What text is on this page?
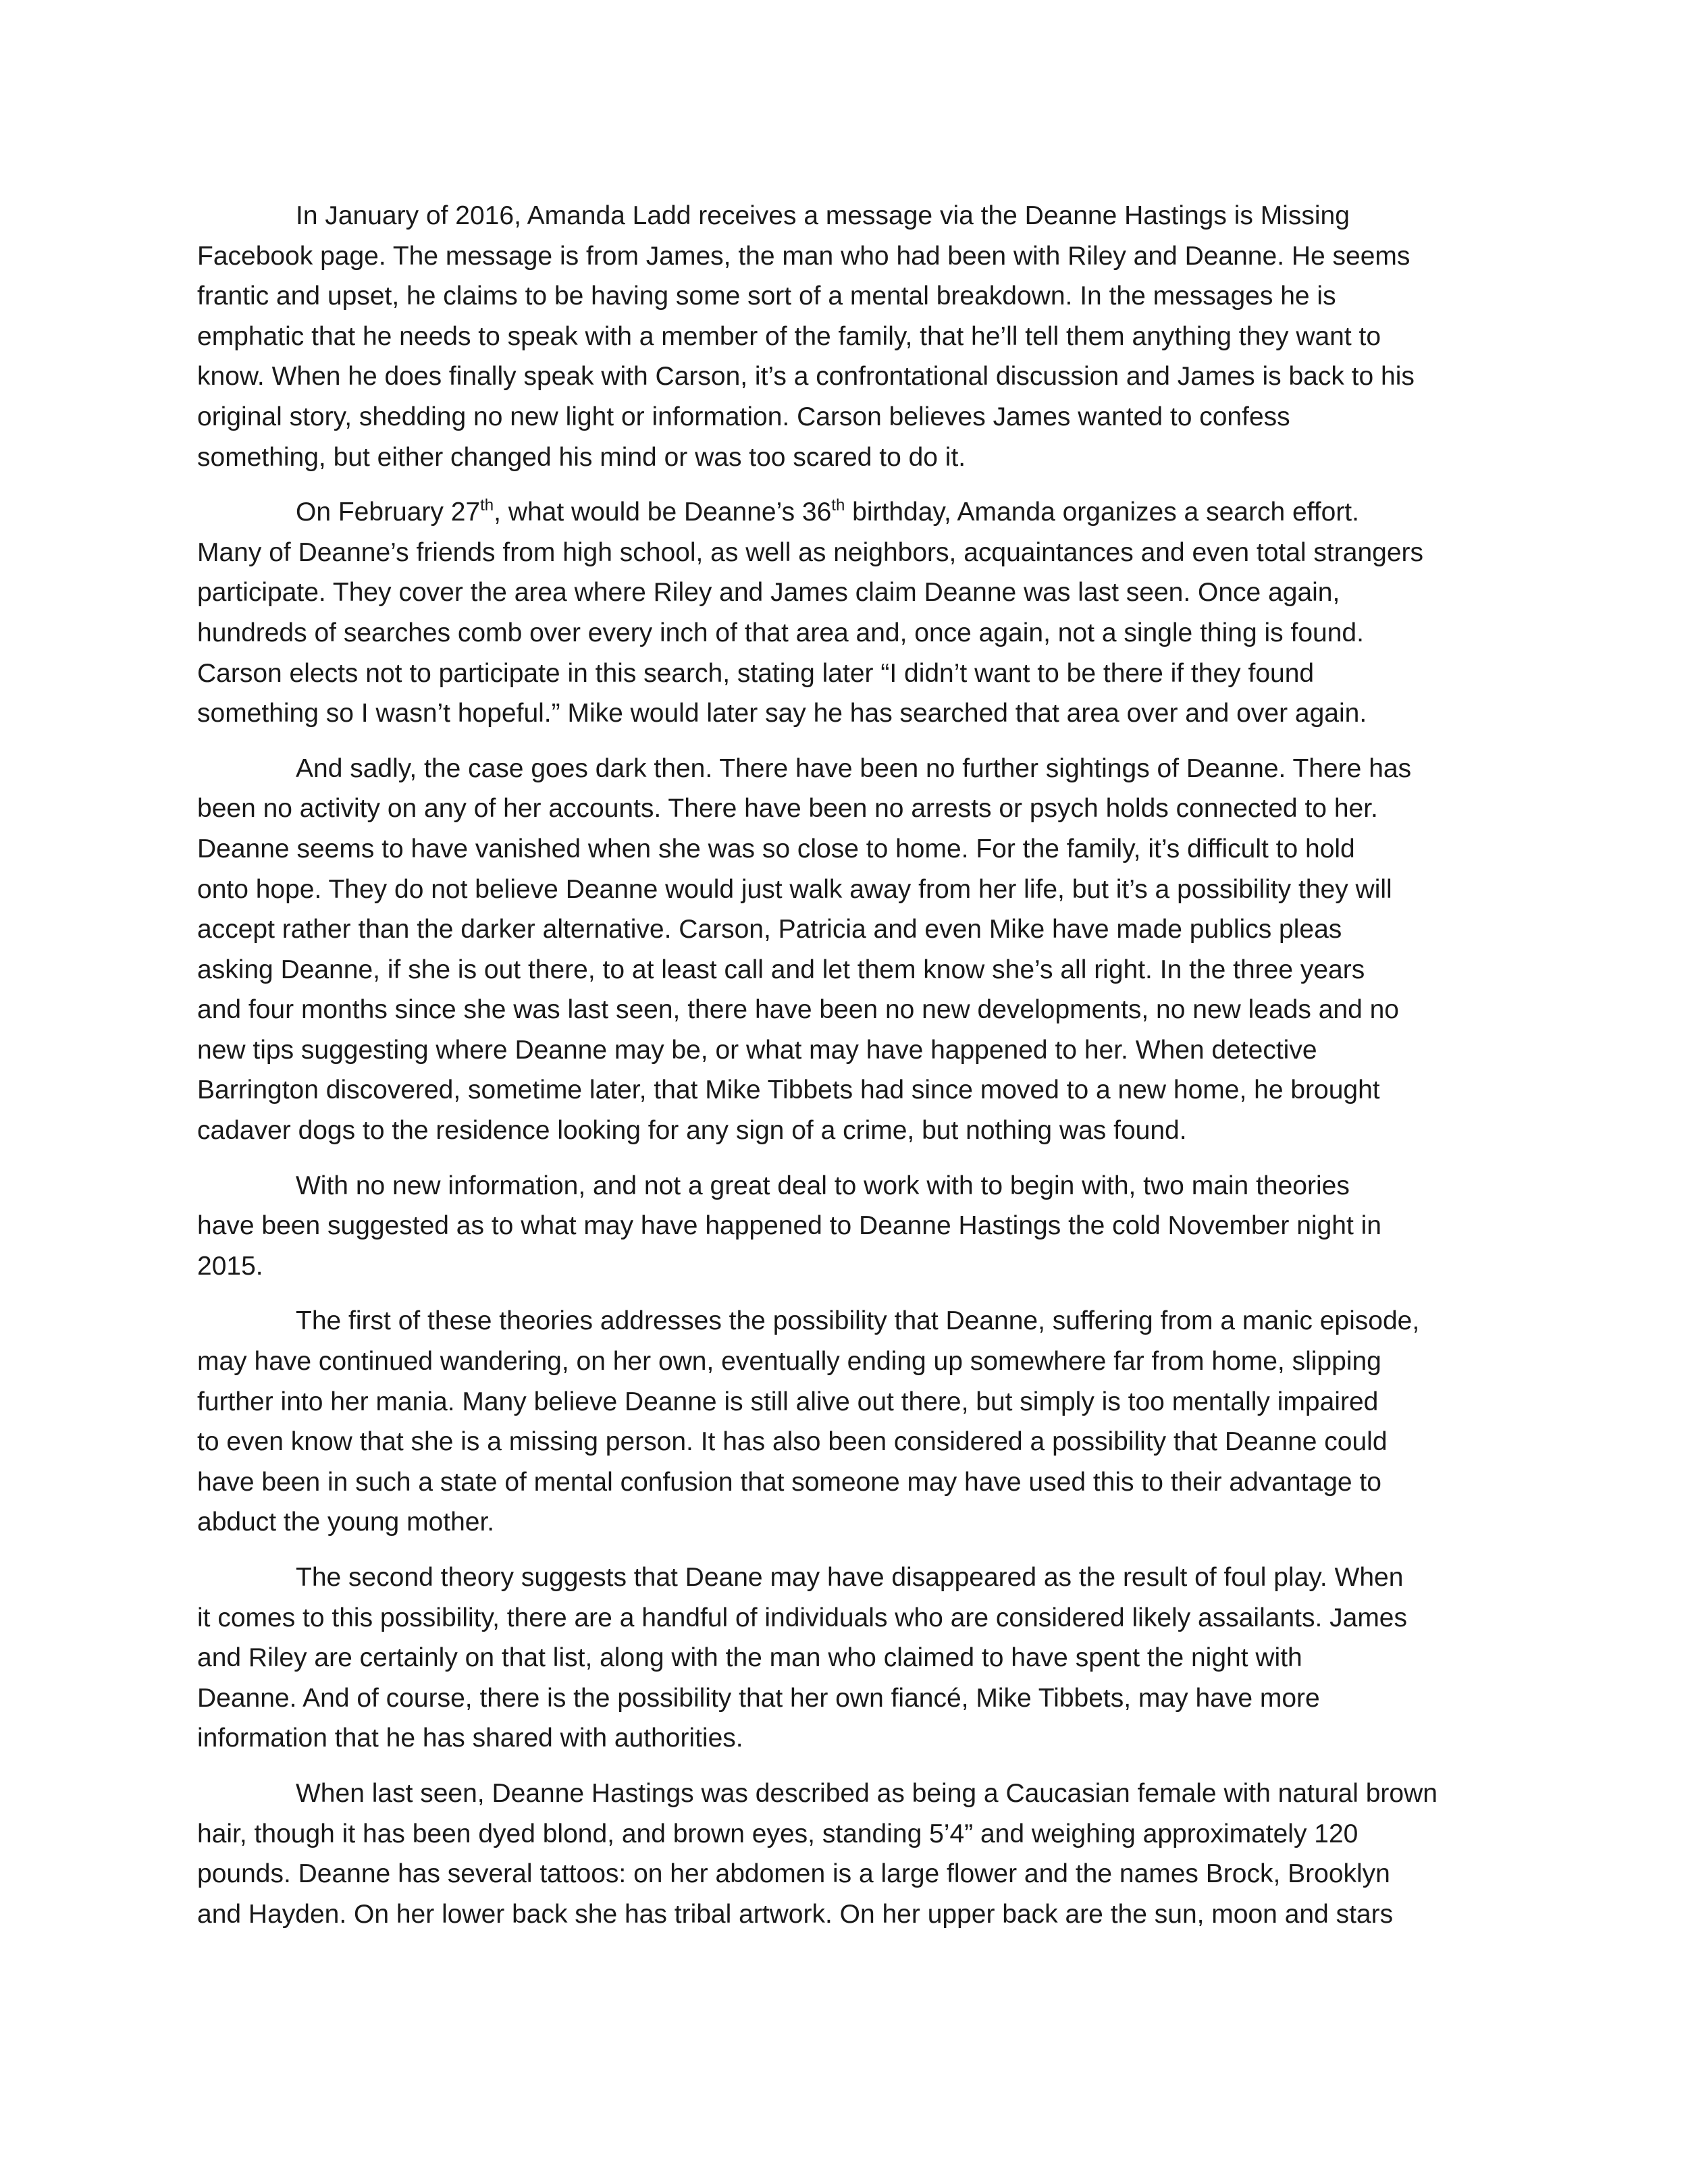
In January of 2016, Amanda Ladd receives a message via the Deanne Hastings is Missing
Facebook page. The message is from James, the man who had been with Riley and Deanne. He seems
frantic and upset, he claims to be having some sort of a mental breakdown. In the messages he is
emphatic that he needs to speak with a member of the family, that he’ll tell them anything they want to
know. When he does finally speak with Carson, it’s a confrontational discussion and James is back to his
original story, shedding no new light or information. Carson believes James wanted to confess
something, but either changed his mind or was too scared to do it.

On February 27th, what would be Deanne’s 36th birthday, Amanda organizes a search effort.
Many of Deanne’s friends from high school, as well as neighbors, acquaintances and even total strangers
participate. They cover the area where Riley and James claim Deanne was last seen. Once again,
hundreds of searches comb over every inch of that area and, once again, not a single thing is found.
Carson elects not to participate in this search, stating later “I didn’t want to be there if they found
something so I wasn’t hopeful.” Mike would later say he has searched that area over and over again.

And sadly, the case goes dark then. There have been no further sightings of Deanne. There has
been no activity on any of her accounts. There have been no arrests or psych holds connected to her.
Deanne seems to have vanished when she was so close to home. For the family, it’s difficult to hold
onto hope. They do not believe Deanne would just walk away from her life, but it’s a possibility they will
accept rather than the darker alternative. Carson, Patricia and even Mike have made publics pleas
asking Deanne, if she is out there, to at least call and let them know she’s all right. In the three years
and four months since she was last seen, there have been no new developments, no new leads and no
new tips suggesting where Deanne may be, or what may have happened to her. When detective
Barrington discovered, sometime later, that Mike Tibbets had since moved to a new home, he brought
cadaver dogs to the residence looking for any sign of a crime, but nothing was found.

With no new information, and not a great deal to work with to begin with, two main theories
have been suggested as to what may have happened to Deanne Hastings the cold November night in
2015.

The first of these theories addresses the possibility that Deanne, suffering from a manic episode,
may have continued wandering, on her own, eventually ending up somewhere far from home, slipping
further into her mania. Many believe Deanne is still alive out there, but simply is too mentally impaired
to even know that she is a missing person. It has also been considered a possibility that Deanne could
have been in such a state of mental confusion that someone may have used this to their advantage to
abduct the young mother.

The second theory suggests that Deane may have disappeared as the result of foul play. When
it comes to this possibility, there are a handful of individuals who are considered likely assailants. James
and Riley are certainly on that list, along with the man who claimed to have spent the night with
Deanne. And of course, there is the possibility that her own fiancé, Mike Tibbets, may have more
information that he has shared with authorities.

When last seen, Deanne Hastings was described as being a Caucasian female with natural brown
hair, though it has been dyed blond, and brown eyes, standing 5’4” and weighing approximately 120
pounds. Deanne has several tattoos: on her abdomen is a large flower and the names Brock, Brooklyn
and Hayden. On her lower back she has tribal artwork. On her upper back are the sun, moon and stars
